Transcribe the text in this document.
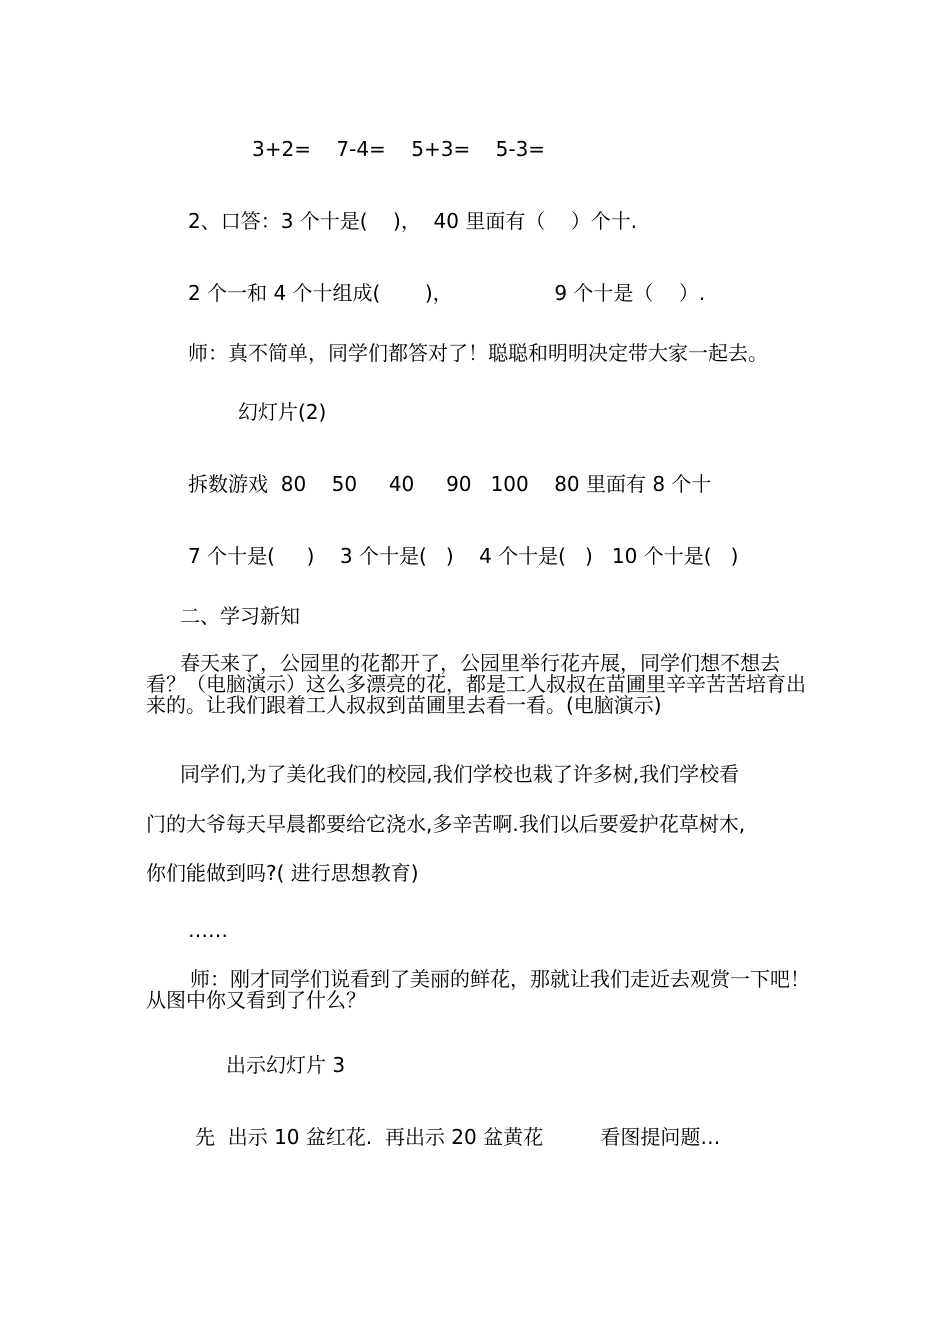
3+2=    7-4=    5+3=    5-3=
2、口答：3 个十是(    )，  40 里面有（    ）个十.
2 个一和 4 个十组成(       )，                9 个十是（    ）.
师：真不简单，同学们都答对了！聪聪和明明决定带大家一起去。
幻灯片(2)
拆数游戏  80    50     40     90   100    80 里面有 8 个十
7 个十是(     )    3 个十是(   )    4 个十是(   )   10 个十是(   )
二、学习新知
春天来了，公园里的花都开了，公园里举行花卉展，同学们想不想去看？（电脑演示）这么多漂亮的花，都是工人叔叔在苗圃里辛辛苦苦培育出来的。让我们跟着工人叔叔到苗圃里去看一看。(电脑演示)
同学们,为了美化我们的校园,我们学校也栽了许多树,我们学校看
门的大爷每天早晨都要给它浇水,多辛苦啊.我们以后要爱护花草树木,
你们能做到吗?( 进行思想教育)
……
师：刚才同学们说看到了美丽的鲜花，那就让我们走近去观赏一下吧！从图中你又看到了什么？
出示幻灯片 3
先  出示 10 盆红花.  再出示 20 盆黄花         看图提问题…
